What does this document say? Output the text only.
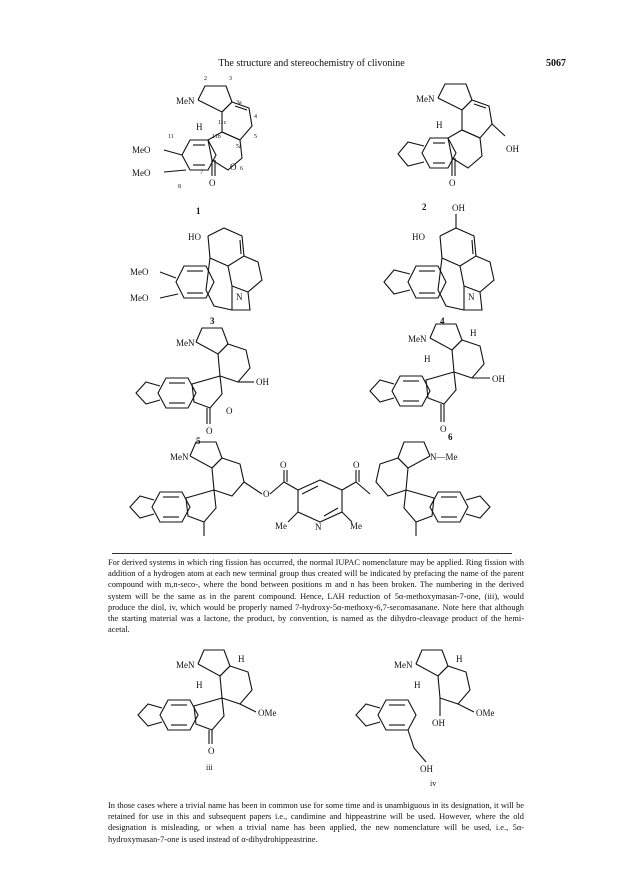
The structure and stereochemistry of clivonine	5067
2	3
3a
4
5
5a
6
7
8
11	11b
11c
MeN
H
MeO
MeO
O
O
1
MeN
H
OH
O
2
HO
MeO
MeO	N
3
OH
HO
N
4
MeN
OH
O
O
5
MeN
H
H
OH
O
6
MeN	N—Me
O
O	O
Me	N	Me
MeN
H
H
OMe
O
iii
MeN
H
H
OMe
OH
OH
iv

For derived systems in which ring fission has occurred, the normal IUPAC nomenclature may be applied. Ring fission with addition of a hydrogen atom at each new terminal group thus created will be indicated by prefacing the name of the parent compound with m,n-seco-, where the bond between positions m and n has been broken. The numbering in the derived system will be the same as in the parent compound. Hence, LAH reduction of 5α-methoxymasan-7-one, (iii), would produce the diol, iv, which would be properly named 7-hydroxy-5α-methoxy-6,7-secomasanane. Note here that although the starting material was a lactone, the product, by convention, is named as the dihydro-cleavage product of the hemi-acetal.

In those cases where a trivial name has been in common use for some time and is unambiguous in its designation, it will be retained for use in this and subsequent papers i.e., candimine and hippeastrine will be used. However, where the old designation is misleading, or when a trivial name has been applied, the new nomenclature will be used, i.e., 5α-hydroxymasan-7-one is used instead of α-dihydrohippeastrine.
